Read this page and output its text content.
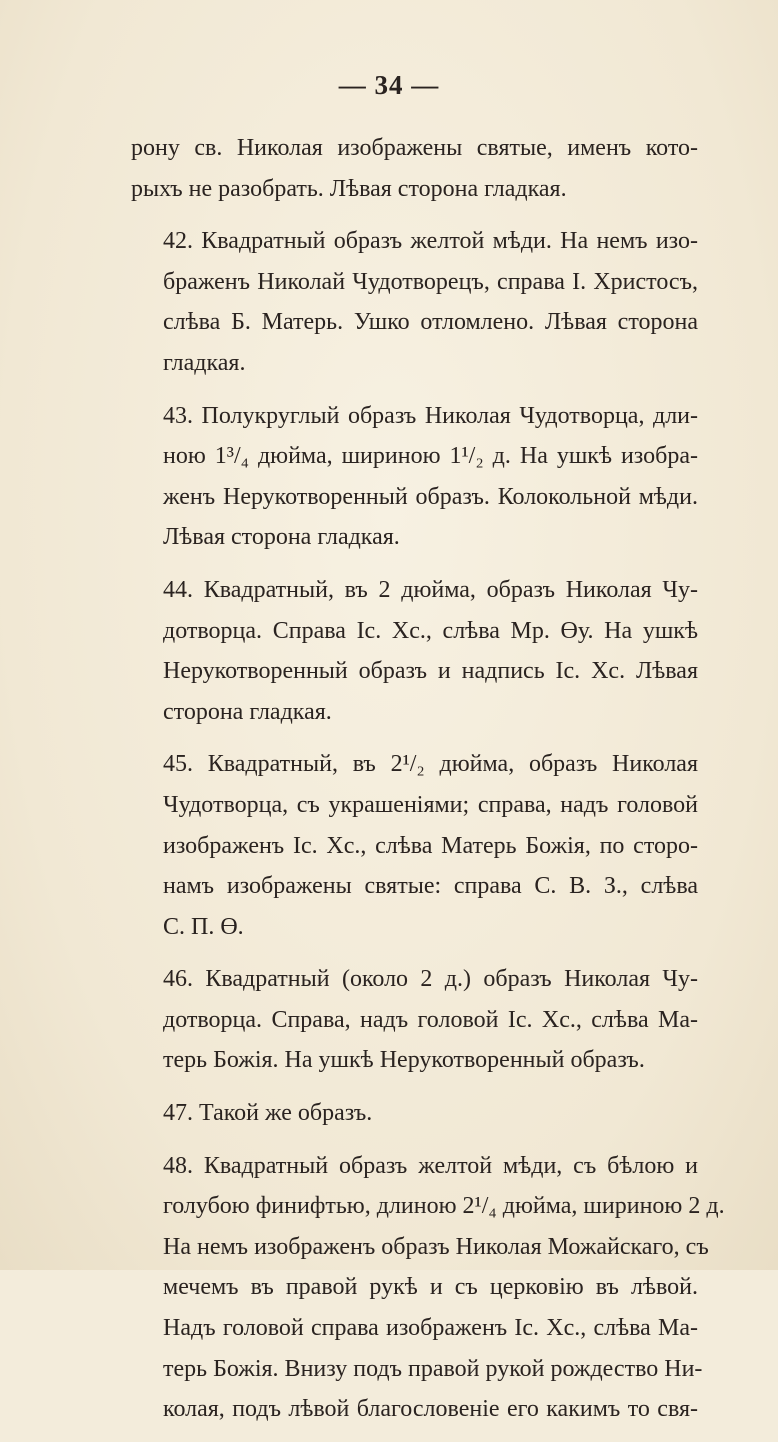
— 34 —
рону св. Николая изображены святые, именъ кото-
рыхъ не разобрать. Лѣвая сторона гладкая.
42. Квадратный образъ желтой мѣди. На немъ изо-
браженъ Николай Чудотворецъ, справа I. Христосъ,
слѣва Б. Матерь. Ушко отломлено. Лѣвая сторона
гладкая.
43. Полукруглый образъ Николая Чудотворца, дли-
ною 1³/₄ дюйма, шириною 1¹/₂ д. На ушкѣ изобра-
женъ Нерукотворенный образъ. Колокольной мѣди.
Лѣвая сторона гладкая.
44. Квадратный, въ 2 дюйма, образъ Николая Чу-
дотворца. Справа Іс. Хс., слѣва Мр. Өу. На ушкѣ
Нерукотворенный образъ и надпись Іс. Хс. Лѣвая
сторона гладкая.
45. Квадратный, въ 2¹/₂ дюйма, образъ Николая
Чудотворца, съ украшеніями; справа, надъ головой
изображенъ Іс. Хс., слѣва Матерь Божія, по сторо-
намъ изображены святые: справа С. В. З., слѣва
С. П. Ө.
46. Квадратный (около 2 д.) образъ Николая Чу-
дотворца. Справа, надъ головой Іс. Хс., слѣва Ма-
терь Божія. На ушкѣ Нерукотворенный образъ.
47. Такой же образъ.
48. Квадратный образъ желтой мѣди, съ бѣлою и
голубою финифтью, длиною 2¹/₄ дюйма, шириною 2 д.
На немъ изображенъ образъ Николая Можайскаго, съ
мечемъ въ правой рукѣ и съ церковію въ лѣвой.
Надъ головой справа изображенъ Іс. Хс., слѣва Ма-
терь Божія. Внизу подъ правой рукой рождество Ни-
колая, подъ лѣвой благословеніе его какимъ то свя-
